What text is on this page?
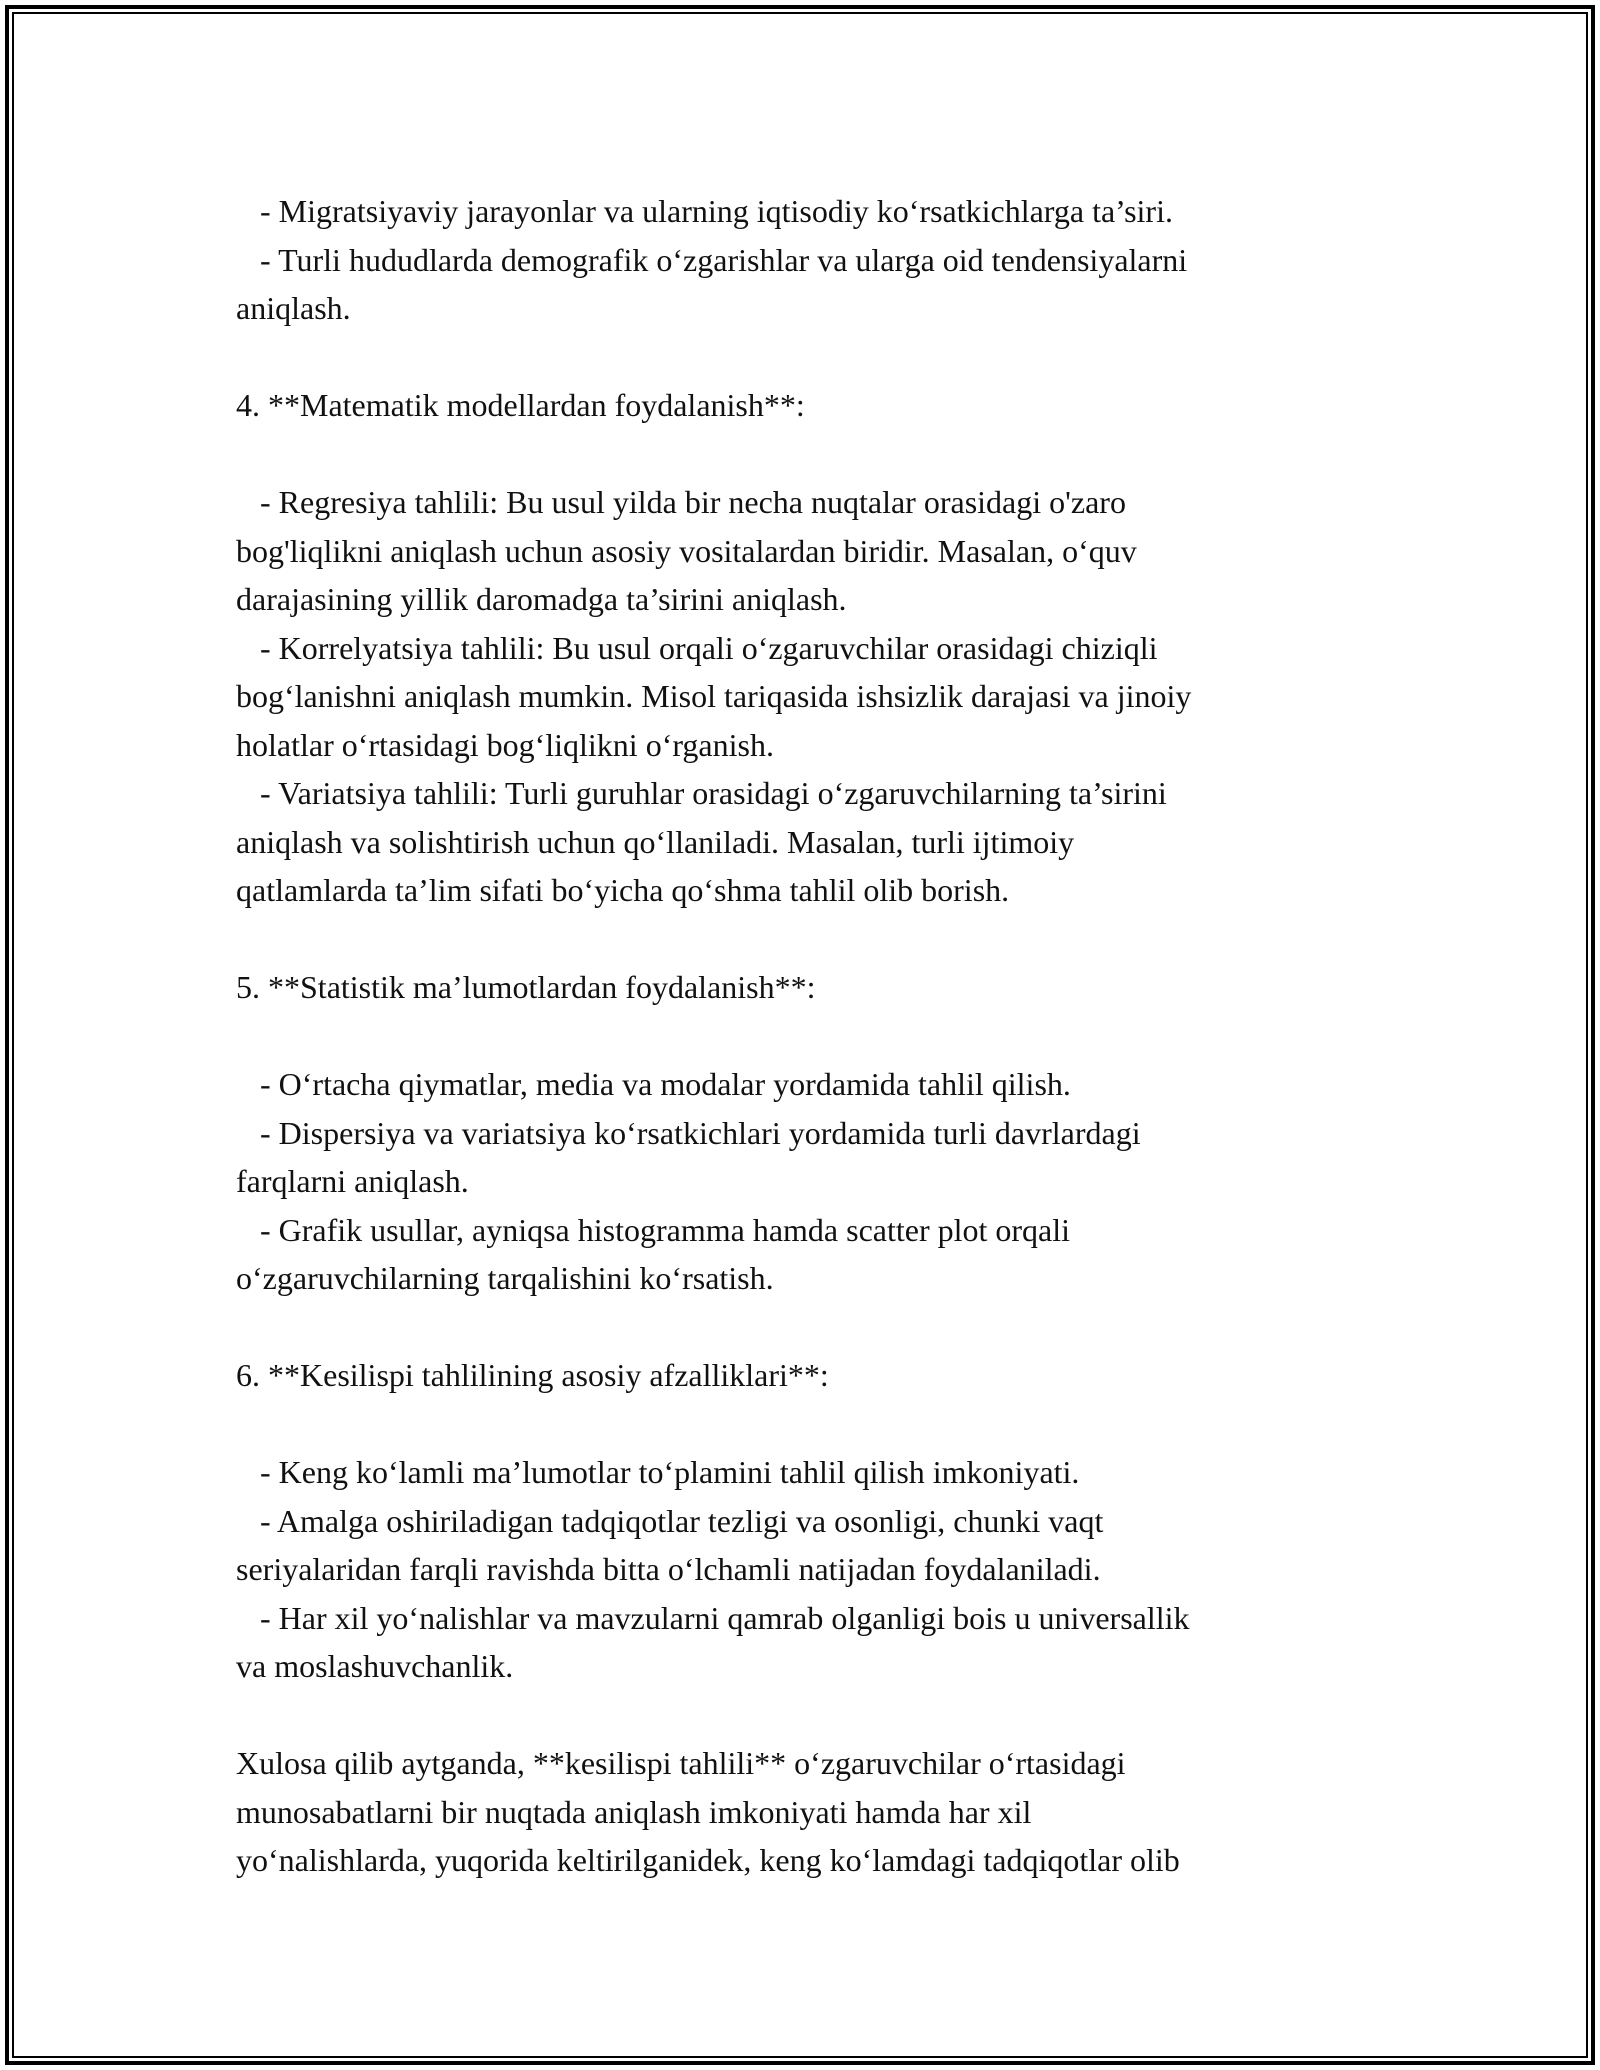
- Migratsiyaviy jarayonlar va ularning iqtisodiy ko‘rsatkichlarga ta’siri.
- Turli hududlarda demografik o‘zgarishlar va ularga oid tendensiyalarni
aniqlash.
4. **Matematik modellardan foydalanish**:
- Regresiya tahlili: Bu usul yilda bir necha nuqtalar orasidagi o'zaro
bog'liqlikni aniqlash uchun asosiy vositalardan biridir. Masalan, o‘quv
darajasining yillik daromadga ta’sirini aniqlash.
- Korrelyatsiya tahlili: Bu usul orqali o‘zgaruvchilar orasidagi chiziqli
bog‘lanishni aniqlash mumkin. Misol tariqasida ishsizlik darajasi va jinoiy
holatlar o‘rtasidagi bog‘liqlikni o‘rganish.
- Variatsiya tahlili: Turli guruhlar orasidagi o‘zgaruvchilarning ta’sirini
aniqlash va solishtirish uchun qo‘llaniladi. Masalan, turli ijtimoiy
qatlamlarda ta’lim sifati bo‘yicha qo‘shma tahlil olib borish.
5. **Statistik ma’lumotlardan foydalanish**:
- O‘rtacha qiymatlar, media va modalar yordamida tahlil qilish.
- Dispersiya va variatsiya ko‘rsatkichlari yordamida turli davrlardagi
farqlarni aniqlash.
- Grafik usullar, ayniqsa histogramma hamda scatter plot orqali
o‘zgaruvchilarning tarqalishini ko‘rsatish.
6. **Kesilispi tahlilining asosiy afzalliklari**:
- Keng ko‘lamli ma’lumotlar to‘plamini tahlil qilish imkoniyati.
- Amalga oshiriladigan tadqiqotlar tezligi va osonligi, chunki vaqt
seriyalaridan farqli ravishda bitta o‘lchamli natijadan foydalaniladi.
- Har xil yo‘nalishlar va mavzularni qamrab olganligi bois u universallik
va moslashuvchanlik.
Xulosa qilib aytganda, **kesilispi tahlili** o‘zgaruvchilar o‘rtasidagi
munosabatlarni bir nuqtada aniqlash imkoniyati hamda har xil
yo‘nalishlarda, yuqorida keltirilganidek, keng ko‘lamdagi tadqiqotlar olib
